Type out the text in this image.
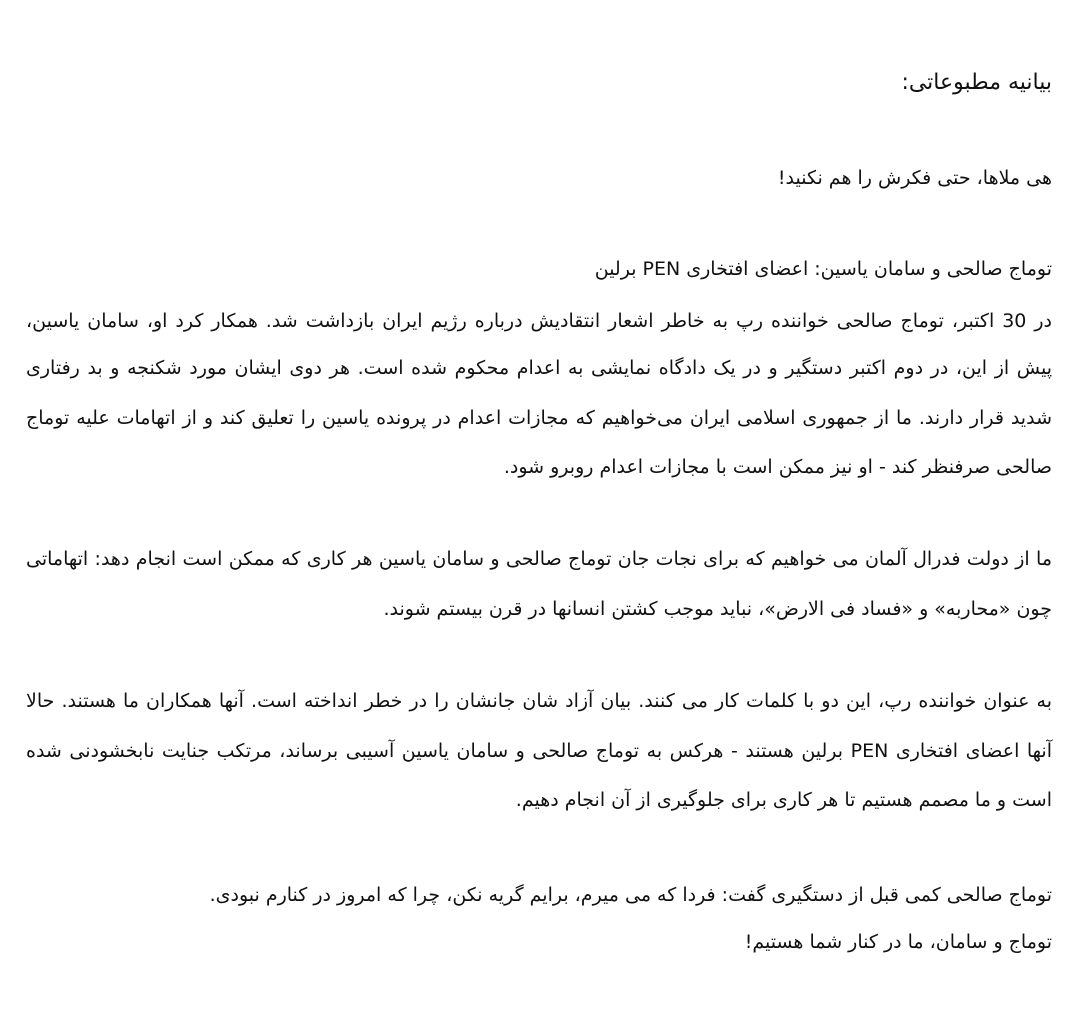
بیانیه مطبوعاتی:
هی ملاها، حتی فکرش را هم نکنید!
توماج صالحی و سامان یاسین: اعضای افتخاری PEN برلین
در 30 اکتبر، توماج صالحی خواننده رپ به خاطر اشعار انتقادیش درباره رژیم ایران بازداشت شد. همکار کرد او، سامان یاسین،
پیش از این، در دوم اکتبر دستگیر و در یک دادگاه نمایشی به اعدام محکوم شده است. هر دوی ایشان مورد شکنجه و بد رفتاری
شدید قرار دارند. ما از جمهوری اسلامی ایران می‌خواهیم که مجازات اعدام در پرونده یاسین را تعلیق کند و از اتهامات علیه توماج
صالحی صرفنظر کند - او نیز ممکن است با مجازات اعدام روبرو شود.
ما از دولت فدرال آلمان می خواهیم که برای نجات جان توماج صالحی و سامان یاسین هر کاری که ممکن است انجام دهد: اتهاماتی
چون «محاربه» و «فساد فی الارض»، نباید موجب کشتن انسانها در قرن بیستم شوند.
به عنوان خواننده رپ، این دو با کلمات کار می کنند. بیان آزاد شان جانشان را در خطر انداخته است. آنها همکاران ما هستند. حالا
آنها اعضای افتخاری PEN برلین هستند - هرکس به توماج صالحی و سامان یاسین آسیبی برساند، مرتکب جنایت نابخشودنی شده
است و ما مصمم هستیم تا هر کاری برای جلوگیری از آن انجام دهیم.
توماج صالحی کمی قبل از دستگیری گفت: فردا که می میرم، برایم گریه نکن، چرا که امروز در کنارم نبودی.
توماج و سامان، ما در کنار شما هستیم!
